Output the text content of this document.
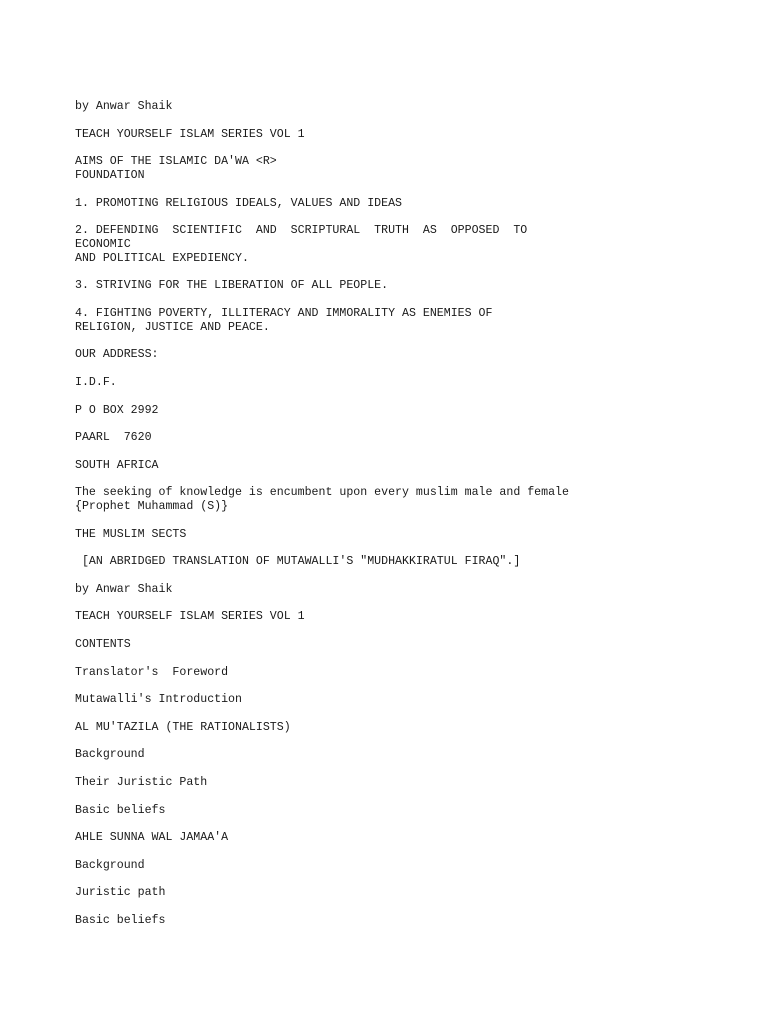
by Anwar Shaik
TEACH YOURSELF ISLAM SERIES VOL 1
AIMS OF THE ISLAMIC DA'WA <R>
FOUNDATION
1. PROMOTING RELIGIOUS IDEALS, VALUES AND IDEAS
2. DEFENDING  SCIENTIFIC  AND  SCRIPTURAL  TRUTH  AS  OPPOSED  TO
ECONOMIC
AND POLITICAL EXPEDIENCY.
3. STRIVING FOR THE LIBERATION OF ALL PEOPLE.
4. FIGHTING POVERTY, ILLITERACY AND IMMORALITY AS ENEMIES OF
RELIGION, JUSTICE AND PEACE.
OUR ADDRESS:
I.D.F.
P O BOX 2992
PAARL  7620
SOUTH AFRICA
The seeking of knowledge is encumbent upon every muslim male and female
{Prophet Muhammad (S)}
THE MUSLIM SECTS
[AN ABRIDGED TRANSLATION OF MUTAWALLI'S "MUDHAKKIRATUL FIRAQ".]
by Anwar Shaik
TEACH YOURSELF ISLAM SERIES VOL 1
CONTENTS
Translator's  Foreword
Mutawalli's Introduction
AL MU'TAZILA (THE RATIONALISTS)
Background
Their Juristic Path
Basic beliefs
AHLE SUNNA WAL JAMAA'A
Background
Juristic path
Basic beliefs
